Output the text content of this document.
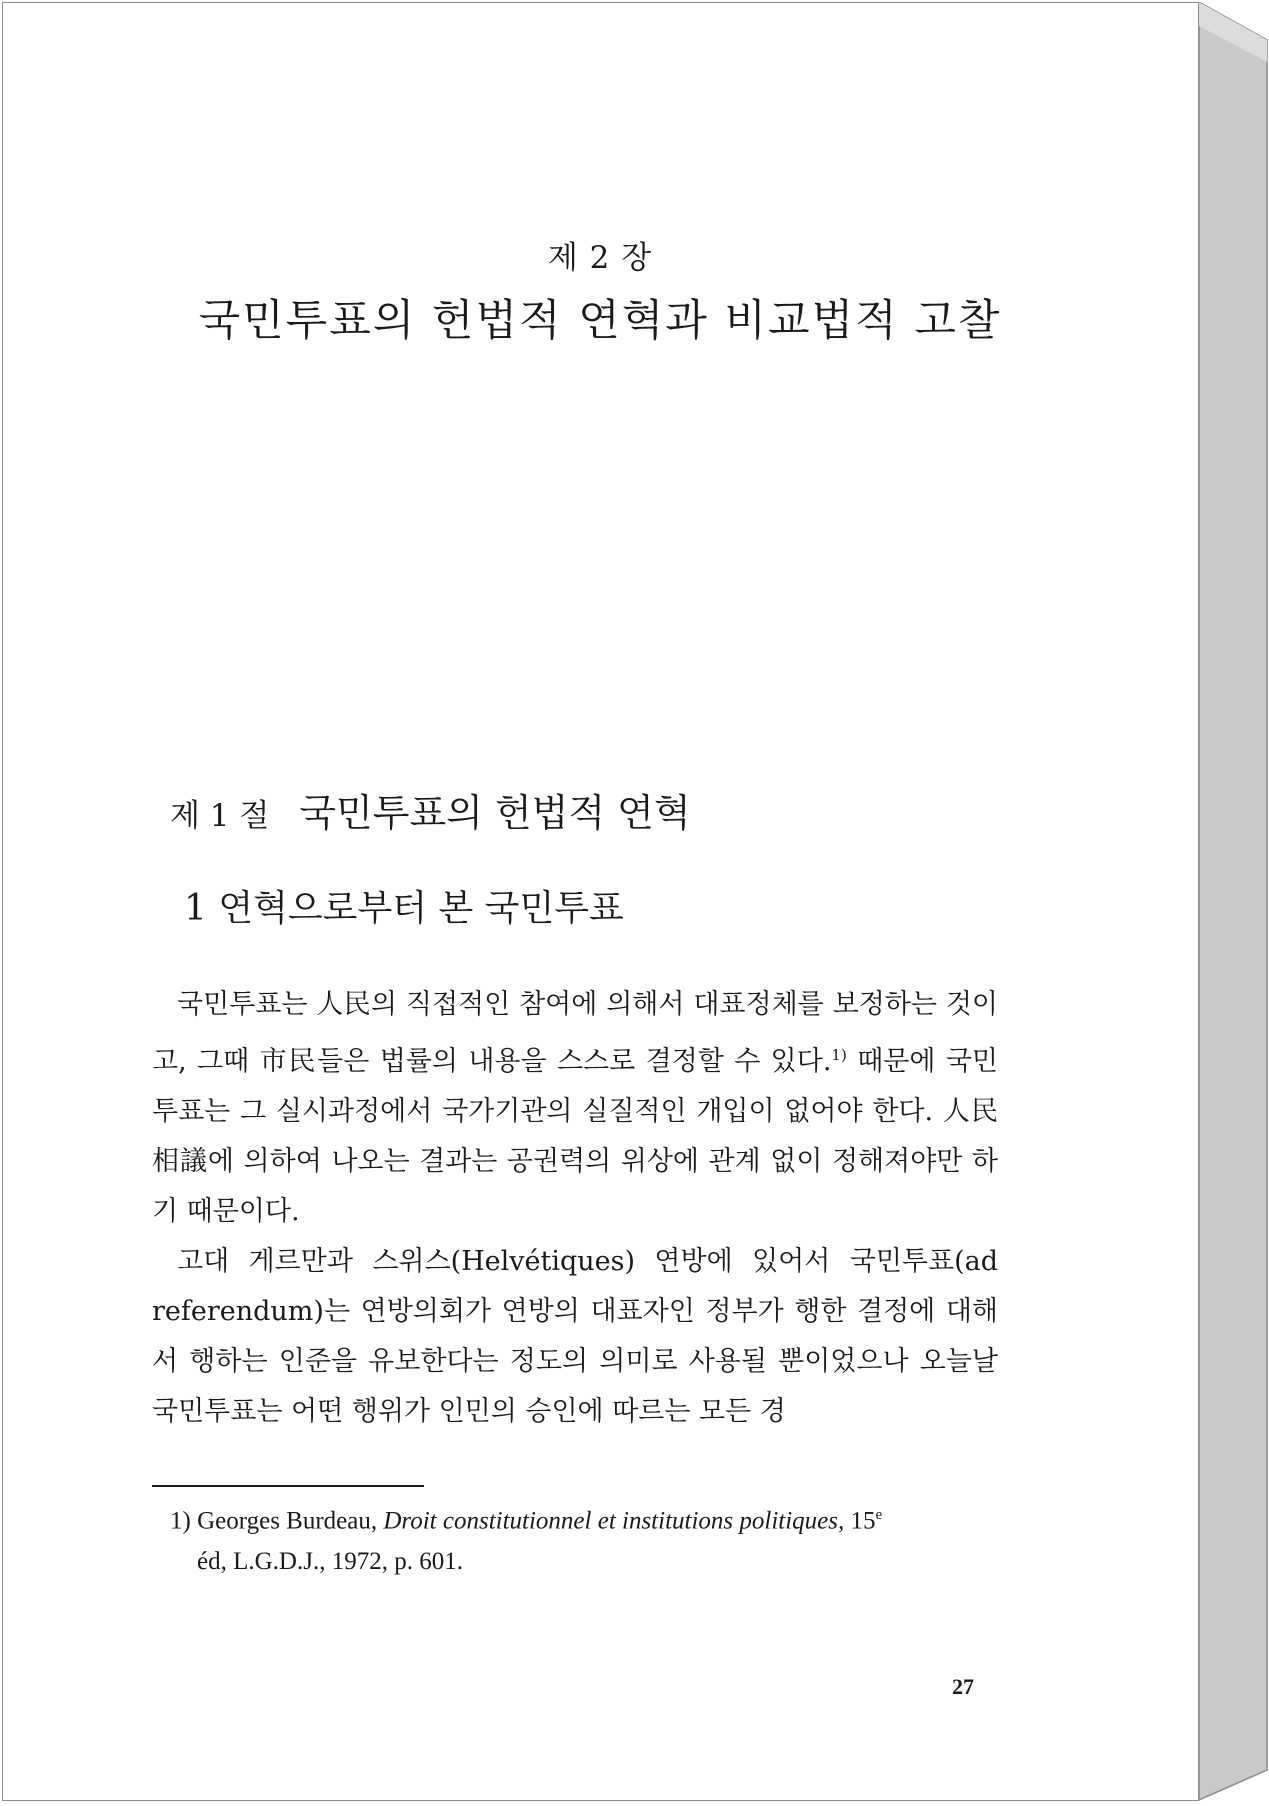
제 2 장
국민투표의 헌법적 연혁과 비교법적 고찰
제 1 절 국민투표의 헌법적 연혁
1 연혁으로부터 본 국민투표

국민투표는 人民의 직접적인 참여에 의해서 대표정체를 보정하는 것이고, 그때 市民들은 법률의 내용을 스스로 결정할 수 있다.$^{1)}$ 때문에 국민투표는 그 실시과정에서 국가기관의 실질적인 개입이 없어야 한다. 人民相議에 의하여 나오는 결과는 공권력의 위상에 관계 없이 정해져야만 하기 때문이다.

고대 게르만과 스위스(Helvétiques) 연방에 있어서 국민투표(ad referendum)는 연방의회가 연방의 대표자인 정부가 행한 결정에 대해서 행하는 인준을 유보한다는 정도의 의미로 사용될 뿐이었으나 오늘날 국민투표는 어떤 행위가 인민의 승인에 따르는 모든 경

1) Georges Burdeau, Droit constitutionnel et institutions politiques, 15e
éd, L.G.D.J., 1972, p. 601.
27
